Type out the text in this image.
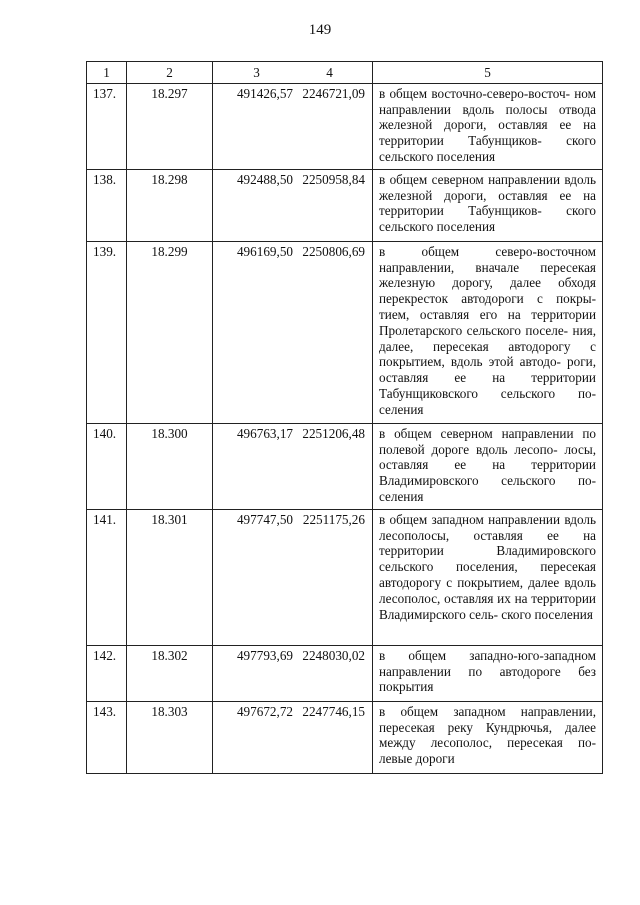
149
1	2	3 4	5
137.	18.297	491426,57 2246721,09	в общем восточно-северо-восточ- ном направлении вдоль полосы отвода железной дороги, оставляя ее на территории Табунщиков- ского сельского поселения
138.	18.298	492488,50 2250958,84	в общем северном направлении вдоль железной дороги, оставляя ее на территории Табунщиков- ского сельского поселения
139.	18.299	496169,50 2250806,69	в общем северо-восточном направлении, вначале пересекая железную дорогу, далее обходя перекресток автодороги с покры- тием, оставляя его на территории Пролетарского сельского поселе- ния, далее, пересекая автодорогу с покрытием, вдоль этой автодо- роги, оставляя ее на территории Табунщиковского сельского по- селения
140.	18.300	496763,17 2251206,48	в общем северном направлении по полевой дороге вдоль лесопо- лосы, оставляя ее на территории Владимировского сельского по- селения
141.	18.301	497747,50 2251175,26	в общем западном направлении вдоль лесополосы, оставляя ее на территории Владимировского сельского поселения, пересекая автодорогу с покрытием, далее вдоль лесополос, оставляя их на территории Владимирского сель- ского поселения
142.	18.302	497793,69 2248030,02	в общем западно-юго-западном направлении по автодороге без покрытия
143.	18.303	497672,72 2247746,15	в общем западном направлении, пересекая реку Кундрючья, далее между лесополос, пересекая по- левые дороги
